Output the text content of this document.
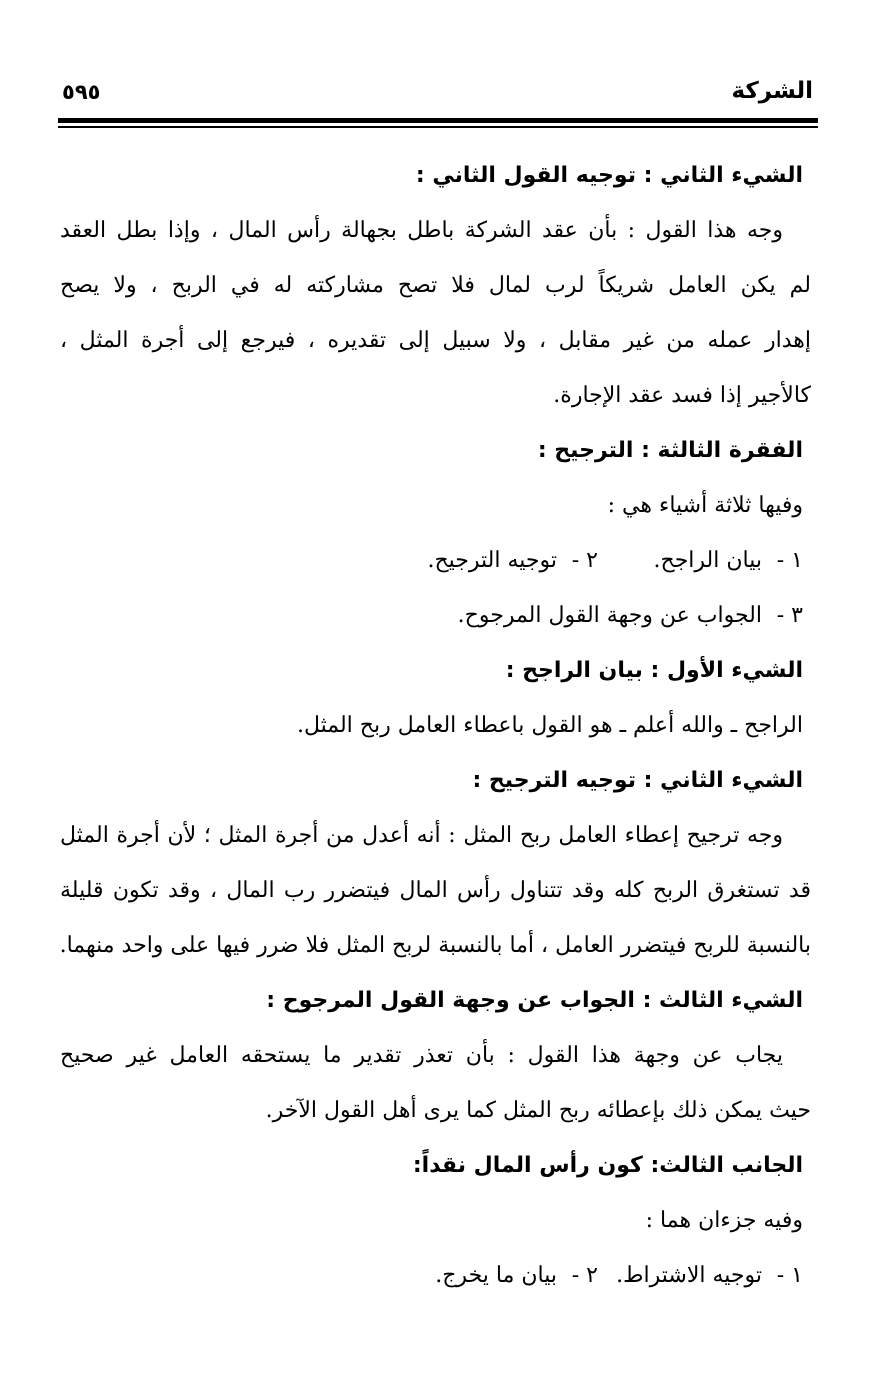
الشركة
٥٩٥
الشيء الثاني : توجيه القول الثاني :
وجه هذا القول : بأن عقد الشركة باطل بجهالة رأس المال ، وإذا بطل العقد
لم يكن العامل شريكاً لرب لمال فلا تصح مشاركته له في الربح ، ولا يصح
إهدار عمله من غير مقابل ، ولا سبيل إلى تقديره ، فيرجع إلى أجرة المثل ،
كالأجير إذا فسد عقد الإجارة.
الفقرة الثالثة : الترجيح :
وفيها ثلاثة أشياء هي :
١ - بيان الراجح.
٢ - توجيه الترجيح.
٣ - الجواب عن وجهة القول المرجوح.
الشيء الأول : بيان الراجح :
الراجح ـ والله أعلم ـ هو القول باعطاء العامل ربح المثل.
الشيء الثاني : توجيه الترجيح :
وجه ترجيح إعطاء العامل ربح المثل : أنه أعدل من أجرة المثل ؛ لأن أجرة المثل
قد تستغرق الربح كله وقد تتناول رأس المال فيتضرر رب المال ، وقد تكون قليلة
بالنسبة للربح فيتضرر العامل ، أما بالنسبة لربح المثل فلا ضرر فيها على واحد منهما.
الشيء الثالث : الجواب عن وجهة القول المرجوح :
يجاب عن وجهة هذا القول : بأن تعذر تقدير ما يستحقه العامل غير صحيح
حيث يمكن ذلك بإعطائه ربح المثل كما يرى أهل القول الآخر.
الجانب الثالث: كون رأس المال نقداً:
وفيه جزءان هما :
١ - توجيه الاشتراط.
٢ - بيان ما يخرج.
